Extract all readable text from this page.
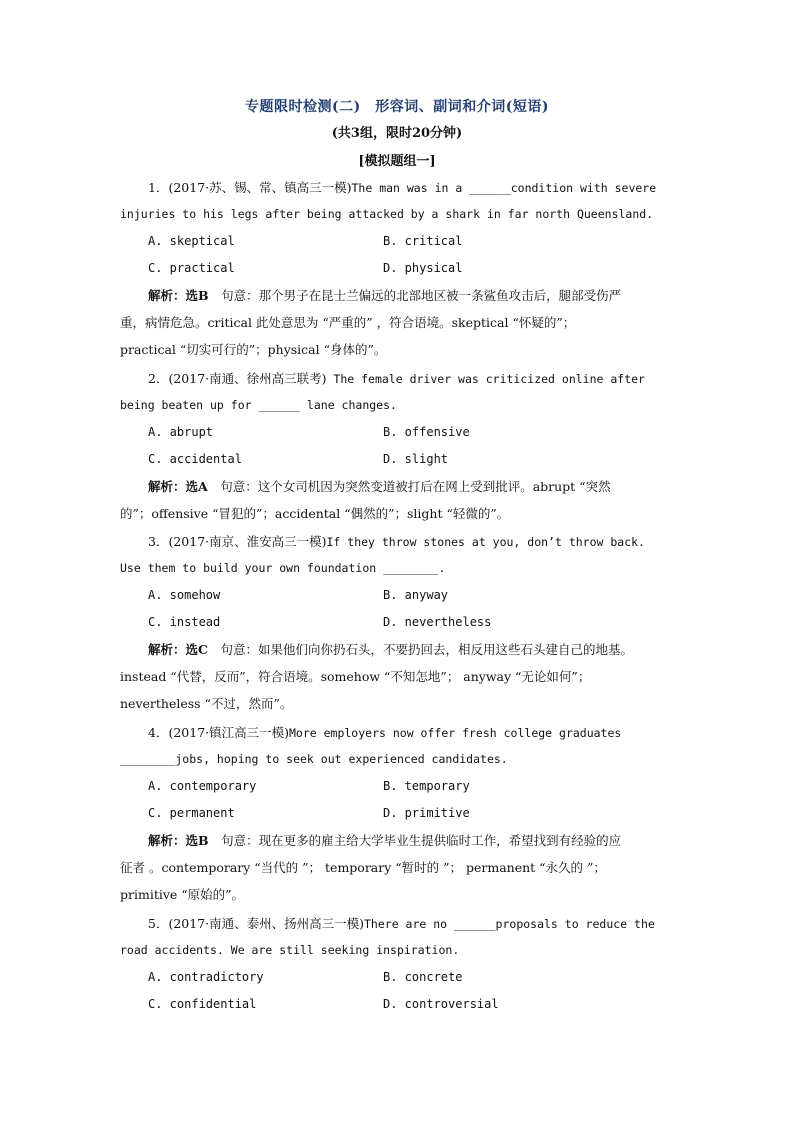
专题限时检测(二)　形容词、副词和介词(短语)
(共3组，限时20分钟)
[模拟题组一]
1．(2017·苏、锡、常、镇高三一模)The man was in a ______condition with severe
injuries to his legs after being attacked by a shark in far north Queensland.
A. skeptical	B. critical
C. practical	D. physical
解析：选B　句意：那个男子在昆士兰偏远的北部地区被一条鲨鱼攻击后，腿部受伤严
重，病情危急。critical 此处意思为 “严重的” ，符合语境。skeptical “怀疑的”；
practical “切实可行的”；physical “身体的”。
2．(2017·南通、徐州高三联考) The female driver was criticized online after
being beaten up for ______ lane changes.
A. abrupt	B. offensive
C. accidental	D. slight
解析：选A　句意：这个女司机因为突然变道被打后在网上受到批评。abrupt “突然
的”；offensive “冒犯的”；accidental “偶然的”；slight “轻微的”。
3．(2017·南京、淮安高三一模)If they throw stones at you, don’t throw back.
Use them to build your own foundation ________.
A. somehow	B. anyway
C. instead	D. nevertheless
解析：选C　句意：如果他们向你扔石头，不要扔回去，相反用这些石头建自己的地基。
instead “代替，反而”，符合语境。somehow “不知怎地”； anyway “无论如何”；
nevertheless “不过，然而”。
4．(2017·镇江高三一模)More employers now offer fresh college graduates
________jobs, hoping to seek out experienced candidates.
A. contemporary	B. temporary
C. permanent	D. primitive
解析：选B　句意：现在更多的雇主给大学毕业生提供临时工作，希望找到有经验的应
征者 。contemporary “当代的 ”； temporary “暂时的 ”； permanent “永久的 ”；
primitive “原始的”。
5．(2017·南通、泰州、扬州高三一模)There are no ______proposals to reduce the
road accidents. We are still seeking inspiration.
A. contradictory	B. concrete
C. confidential	D. controversial
